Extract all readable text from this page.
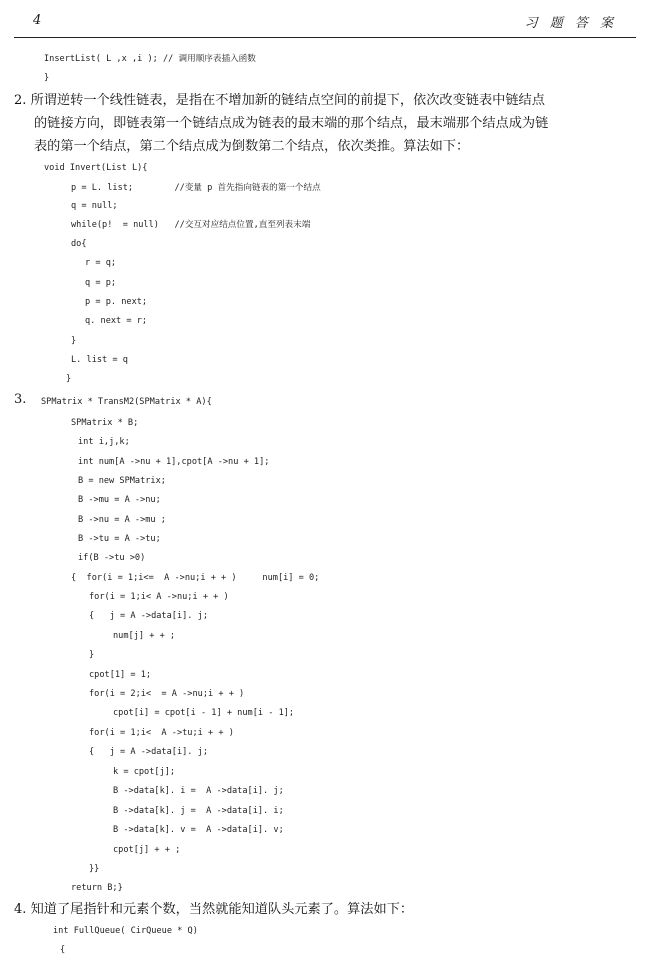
4	习 题 答 案
InsertList( L ,x ,i ); // 调用顺序表插入函数
}
2. 所谓逆转一个线性链表，是指在不增加新的链结点空间的前提下，依次改变链表中链结点
的链接方向，即链表第一个链结点成为链表的最末端的那个结点，最末端那个结点成为链
表的第一个结点，第二个结点成为倒数第二个结点，依次类推。算法如下：
void Invert(List L){
p = L. list;        //变量 p 首先指向链表的第一个结点
q = null;
while(p!  = null)   //交互对应结点位置,直至列表末端
do{
r = q;
q = p;
p = p. next;
q. next = r;
}
L. list = q
}
3. SPMatrix * TransM2(SPMatrix * A){
SPMatrix * B;
int i,j,k;
int num[A ->nu + 1],cpot[A ->nu + 1];
B = new SPMatrix;
B ->mu = A ->nu;
B ->nu = A ->mu ;
B ->tu = A ->tu;
if(B ->tu >0)
{  for(i = 1;i<=  A ->nu;i + + )     num[i] = 0;
for(i = 1;i< A ->nu;i + + )
{   j = A ->data[i]. j;
num[j] + + ;
}
cpot[1] = 1;
for(i = 2;i<  = A ->nu;i + + )
cpot[i] = cpot[i - 1] + num[i - 1];
for(i = 1;i<  A ->tu;i + + )
{   j = A ->data[i]. j;
k = cpot[j];
B ->data[k]. i =  A ->data[i]. j;
B ->data[k]. j =  A ->data[i]. i;
B ->data[k]. v =  A ->data[i]. v;
cpot[j] + + ;
}}
return B;}
4. 知道了尾指针和元素个数，当然就能知道队头元素了。算法如下：
int FullQueue( CirQueue * Q)
{
